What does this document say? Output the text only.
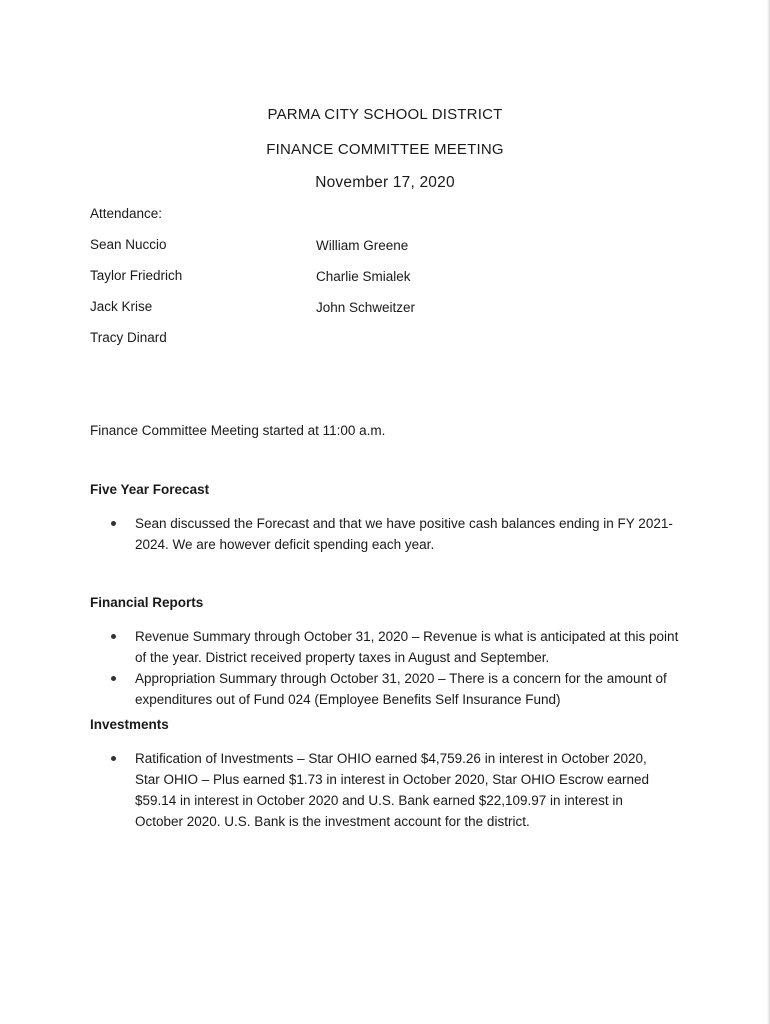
PARMA CITY SCHOOL DISTRICT
FINANCE COMMITTEE MEETING
November 17, 2020
Attendance:
Sean Nuccio
Taylor Friedrich
Jack Krise
Tracy Dinard
William Greene
Charlie Smialek
John Schweitzer
Finance Committee Meeting started at 11:00 a.m.
Five Year Forecast
Sean discussed the Forecast and that we have positive cash balances ending in FY 2021-2024. We are however deficit spending each year.
Financial Reports
Revenue Summary through October 31, 2020 – Revenue is what is anticipated at this point of the year. District received property taxes in August and September.
Appropriation Summary through October 31, 2020 – There is a concern for the amount of expenditures out of Fund 024 (Employee Benefits Self Insurance Fund)
Investments
Ratification of Investments – Star OHIO earned $4,759.26 in interest in October 2020, Star OHIO – Plus earned $1.73 in interest in October 2020, Star OHIO Escrow earned $59.14 in interest in October 2020 and U.S. Bank earned $22,109.97 in interest in October 2020. U.S. Bank is the investment account for the district.
